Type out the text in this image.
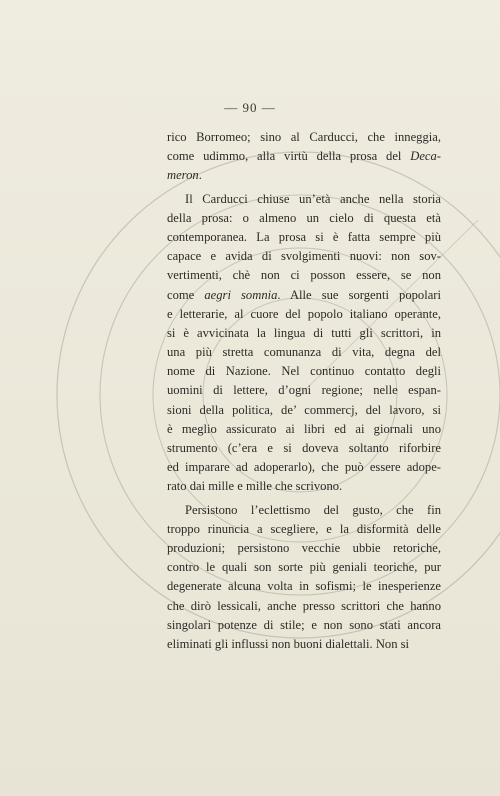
— 90 —
rico Borromeo; sino al Carducci, che inneggia,
come udimmo, alla virtù della prosa del Deca-
meron.
Il Carducci chiuse un’età anche nella storia
della prosa: o almeno un cielo di questa età
contemporanea. La prosa si è fatta sempre più
capace e avida di svolgimenti nuovi: non sov-
vertimenti, chè non ci posson essere, se non
come aegri somnia. Alle sue sorgenti popolari
e letterarie, al cuore del popolo italiano operante,
si è avvicinata la lingua di tutti gli scrittori, in
una più stretta comunanza di vita, degna del
nome di Nazione. Nel continuo contatto degli
uomini di lettere, d’ogni regione; nelle espan-
sioni della politica, de’ commercj, del lavoro, si
è meglio assicurato ai libri ed ai giornali uno
strumento (c’era e si doveva soltanto riforbire
ed imparare ad adoperarlo), che può essere adope-
rato dai mille e mille che scrivono.
Persistono l’eclettismo del gusto, che fin
troppo rinuncia a scegliere, e la disformità delle
produzioni; persistono vecchie ubbie retoriche,
contro le quali son sorte più geniali teoriche, pur
degenerate alcuna volta in sofismi; le inesperienze
che dirò lessicali, anche presso scrittori che hanno
singolari potenze di stile; e non sono stati ancora
eliminati gli influssi non buoni dialettali. Non si
